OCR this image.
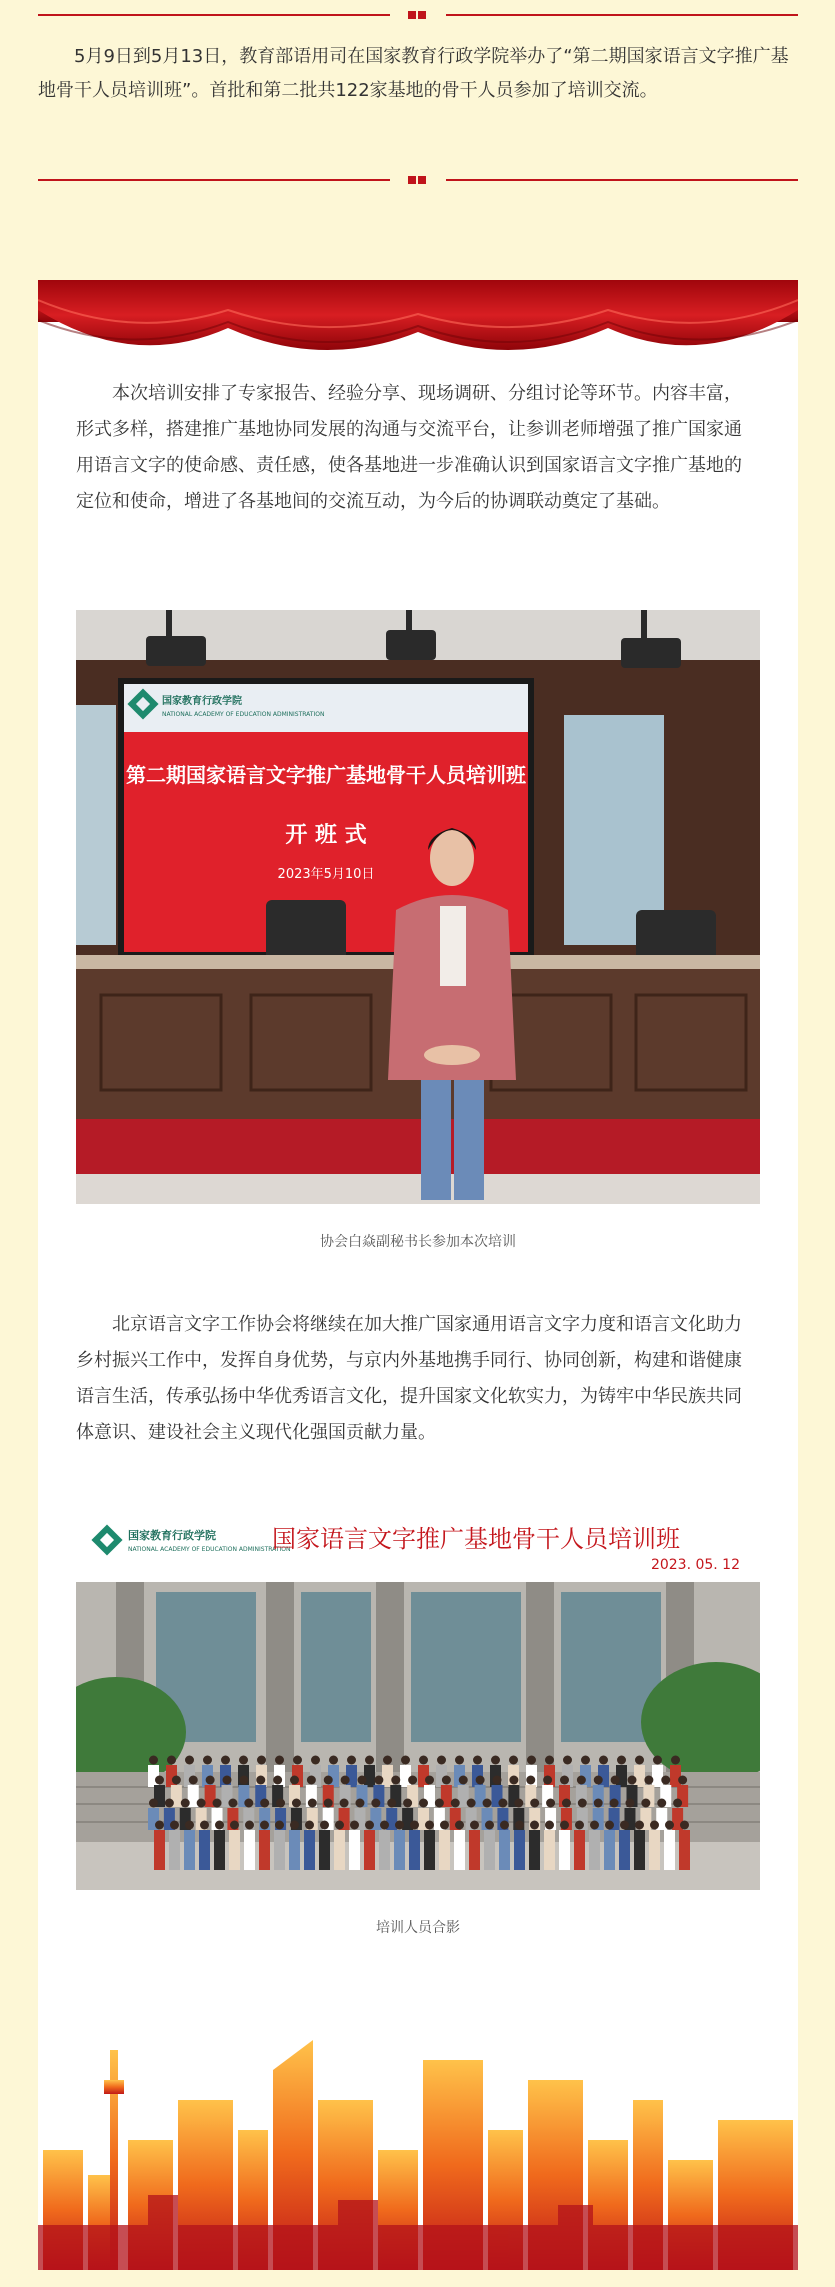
5月9日到5月13日，教育部语用司在国家教育行政学院举办了“第二期国家语言文字推广基地骨干人员培训班”。首批和第二批共122家基地的骨干人员参加了培训交流。

本次培训安排了专家报告、经验分享、现场调研、分组讨论等环节。内容丰富，形式多样，搭建推广基地协同发展的沟通与交流平台，让参训老师增强了推广国家通用语言文字的使命感、责任感，使各基地进一步准确认识到国家语言文字推广基地的定位和使命，增进了各基地间的交流互动，为今后的协调联动奠定了基础。

国家教育行政学院
NATIONAL ACADEMY OF EDUCATION ADMINISTRATION
第二期国家语言文字推广基地骨干人员培训班
开 班 式
2023年5月10日
协会白焱副秘书长参加本次培训

北京语言文字工作协会将继续在加大推广国家通用语言文字力度和语言文化助力乡村振兴工作中，发挥自身优势，与京内外基地携手同行、协同创新，构建和谐健康语言生活，传承弘扬中华优秀语言文化，提升国家文化软实力，为铸牢中华民族共同体意识、建设社会主义现代化强国贡献力量。

国家教育行政学院
NATIONAL ACADEMY OF EDUCATION ADMINISTRATION
国家语言文字推广基地骨干人员培训班
2023. 05. 12
培训人员合影
